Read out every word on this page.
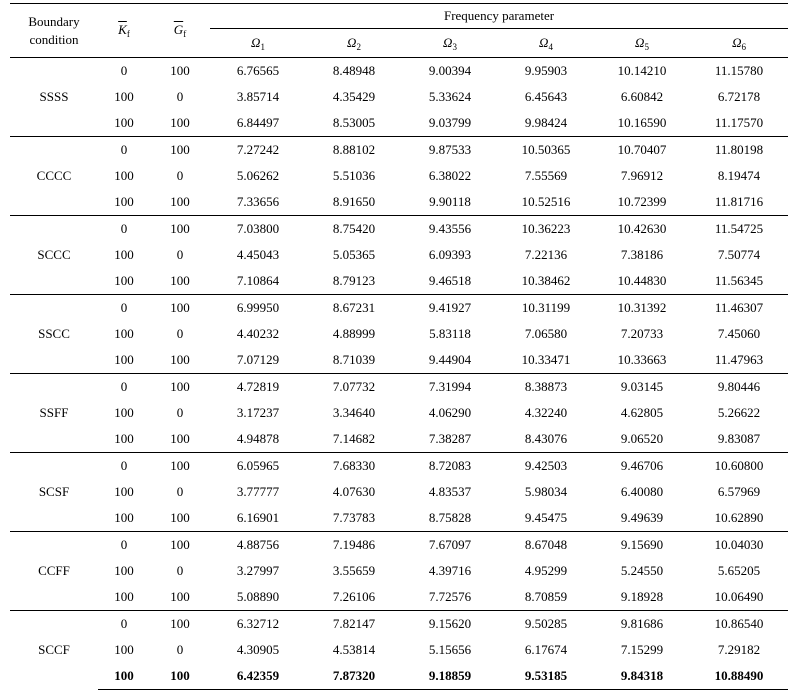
Boundary
condition	$\overline{K}_f$	$\overline{G}_f$	Frequency parameter					
			$\Omega_1$	$\Omega_2$	$\Omega_3$	$\Omega_4$	$\Omega_5$	$\Omega_6$
SSSS	0	100	6.76565	8.48948	9.00394	9.95903	10.14210	11.15780
	100	0	3.85714	4.35429	5.33624	6.45643	6.60842	6.72178
	100	100	6.84497	8.53005	9.03799	9.98424	10.16590	11.17570
CCCC	0	100	7.27242	8.88102	9.87533	10.50365	10.70407	11.80198
	100	0	5.06262	5.51036	6.38022	7.55569	7.96912	8.19474
	100	100	7.33656	8.91650	9.90118	10.52516	10.72399	11.81716
SCCC	0	100	7.03800	8.75420	9.43556	10.36223	10.42630	11.54725
	100	0	4.45043	5.05365	6.09393	7.22136	7.38186	7.50774
	100	100	7.10864	8.79123	9.46518	10.38462	10.44830	11.56345
SSCC	0	100	6.99950	8.67231	9.41927	10.31199	10.31392	11.46307
	100	0	4.40232	4.88999	5.83118	7.06580	7.20733	7.45060
	100	100	7.07129	8.71039	9.44904	10.33471	10.33663	11.47963
SSFF	0	100	4.72819	7.07732	7.31994	8.38873	9.03145	9.80446
	100	0	3.17237	3.34640	4.06290	4.32240	4.62805	5.26622
	100	100	4.94878	7.14682	7.38287	8.43076	9.06520	9.83087
SCSF	0	100	6.05965	7.68330	8.72083	9.42503	9.46706	10.60800
	100	0	3.77777	4.07630	4.83537	5.98034	6.40080	6.57969
	100	100	6.16901	7.73783	8.75828	9.45475	9.49639	10.62890
CCFF	0	100	4.88756	7.19486	7.67097	8.67048	9.15690	10.04030
	100	0	3.27997	3.55659	4.39716	4.95299	5.24550	5.65205
	100	100	5.08890	7.26106	7.72576	8.70859	9.18928	10.06490
SCCF	0	100	6.32712	7.82147	9.15620	9.50285	9.81686	10.86540
	100	0	4.30905	4.53814	5.15656	6.17674	7.15299	7.29182
	100	100	6.42359	7.87320	9.18859	9.53185	9.84318	10.88490
